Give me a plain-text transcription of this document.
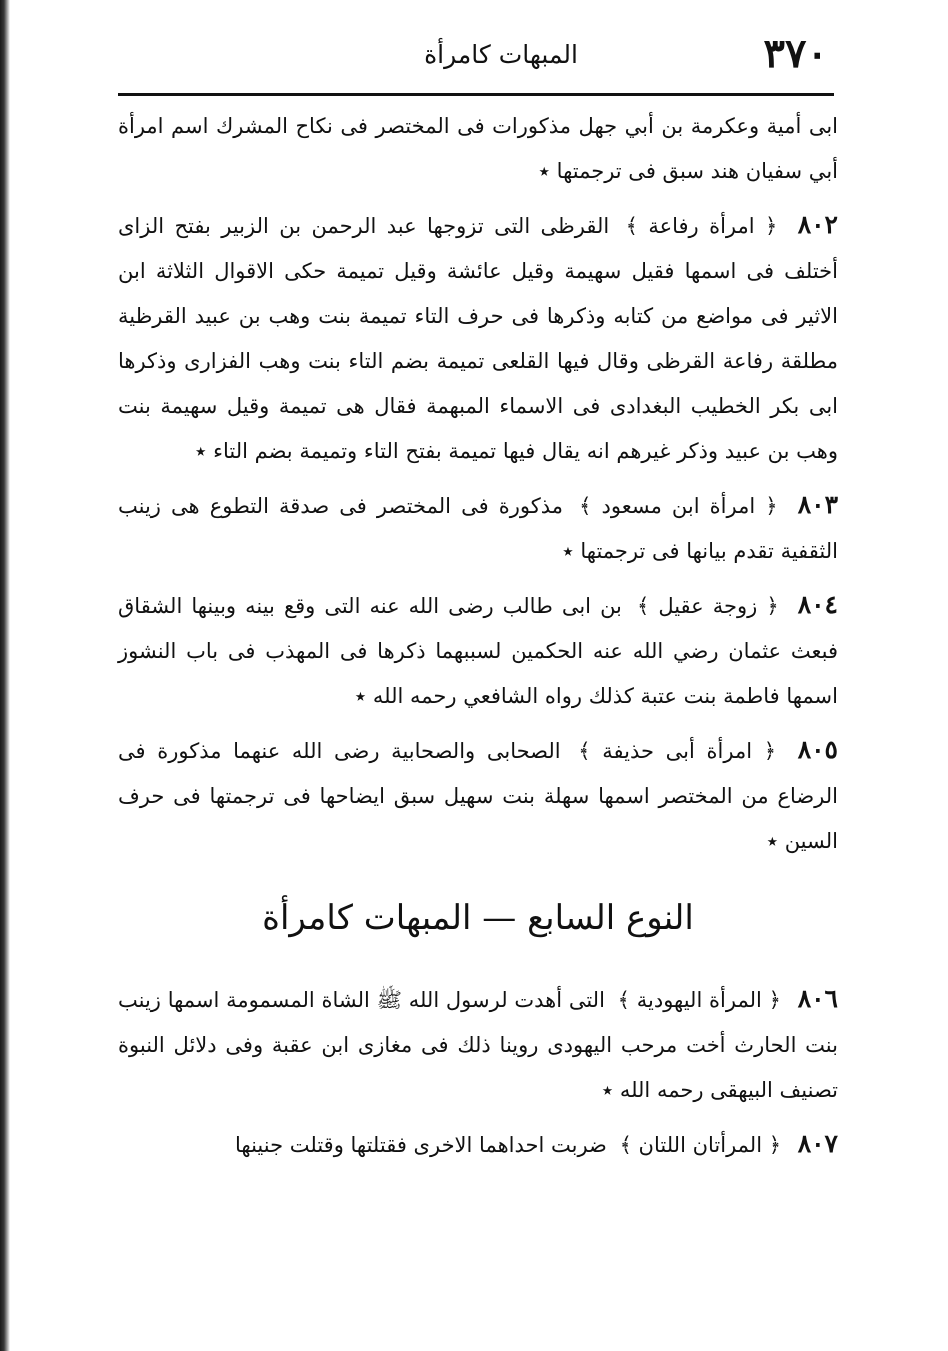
٣٧٠
المبهات كامرأة

ابى أمية وعكرمة بن أبي جهل مذكورات فى المختصر فى نكاح المشرك اسم امرأة أبي سفيان هند سبق فى ترجمتها ٭

٨٠٢ ﴿ امرأة رفاعة ﴾ القرظى التى تزوجها عبد الرحمن بن الزبير بفتح الزاى أختلف فى اسمها فقيل سهيمة وقيل عائشة وقيل تميمة حكى الاقوال الثلاثة ابن الاثير فى مواضع من كتابه وذكرها فى حرف التاء تميمة بنت وهب بن عبيد القرظية مطلقة رفاعة القرظى وقال فيها القلعى تميمة بضم التاء بنت وهب الفزارى وذكرها ابى بكر الخطيب البغدادى فى الاسماء المبهمة فقال هى تميمة وقيل سهيمة بنت وهب بن عبيد وذكر غيرهم انه يقال فيها تميمة بفتح التاء وتميمة بضم التاء ٭

٨٠٣ ﴿ امرأة ابن مسعود ﴾ مذكورة فى المختصر فى صدقة التطوع هى زينب الثقفية تقدم بيانها فى ترجمتها ٭

٨٠٤ ﴿ زوجة عقيل ﴾ بن ابى طالب رضى الله عنه التى وقع بينه وبينها الشقاق فبعث عثمان رضي الله عنه الحكمين لسببهما ذكرها فى المهذب فى باب النشوز اسمها فاطمة بنت عتبة كذلك رواه الشافعي رحمه الله ٭

٨٠٥ ﴿ امرأة أبى حذيفة ﴾ الصحابى والصحابية رضى الله عنهما مذكورة فى الرضاع من المختصر اسمها سهلة بنت سهيل سبق ايضاحها فى ترجمتها فى حرف السين ٭

النوع السابع — المبهات كامرأة

٨٠٦ ﴿ المرأة اليهودية ﴾ التى أهدت لرسول الله ﷺ الشاة المسمومة اسمها زينب بنت الحارث أخت مرحب اليهودى روينا ذلك فى مغازى ابن عقبة وفى دلائل النبوة تصنيف البيهقى رحمه الله ٭

٨٠٧ ﴿ المرأتان اللتان ﴾ ضربت احداهما الاخرى فقتلتها وقتلت جنينها
